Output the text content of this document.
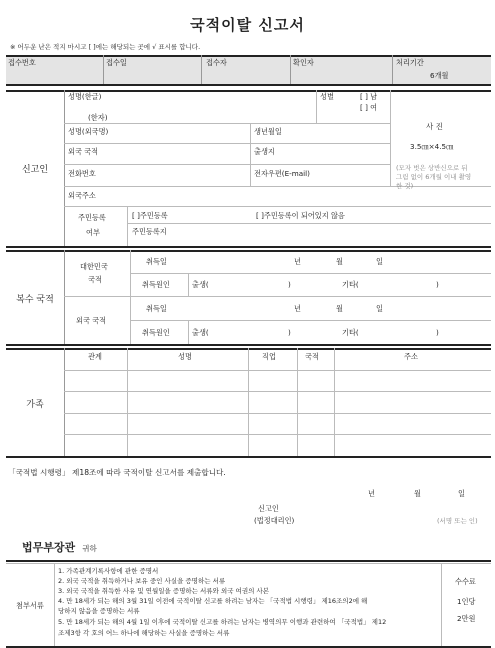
국적이탈 신고서
※ 어두운 난은 적지 마시고 [ ]에는 해당되는 곳에 √ 표시를 합니다.
접수번호	접수일	접수자	확인자	처리기간
6개월
신고인
성명(한글)
(한자)
성별	[ ] 남
[ ] 여
성명(외국명)	생년월일
외국 국적	출생지
전화번호	전자우편(E-mail)
외국주소
주민등록
여부
[ ]주민등록	[ ]주민등록이 되어있지 않음
주민등록지
사 진
3.5㎝×4.5㎝
(모자 벗은 상반신으로 뒤
그림 없이 6개월 이내 촬영
한 것)
복수 국적
대한민국
국적
취득일	년	월	일
취득원인	출생(	)	기타(	)
외국 국적
취득일	년	월	일
취득원인	출생(	)	기타(	)
가족
관계	성명	직업	국적	주소
「국적법 시행령」 제18조에 따라 국적이탈 신고서를 제출합니다.
년	월	일
신고인
(법정대리인)	(서명 또는 인)
법무부장관 귀하
첨부서류
1. 가족관계기록사항에 관한 증명서
2. 외국 국적을 취득하거나 보유 중인 사실을 증명하는 서류
3. 외국 국적을 취득한 사유 및 연월일을 증명하는 서류와 외국 여권의 사본
4. 만 18세가 되는 해의 3월 31일 이전에 국적이탈 신고를 하려는 남자는 「국적법 시행령」 제16조의2에 해
당하지 않음을 증명하는 서류
5. 만 18세가 되는 해의 4월 1일 이후에 국적이탈 신고를 하려는 남자는 병역의무 이행과 관련하여 「국적법」 제12
조제3항 각 호의 어느 하나에 해당하는 사실을 증명하는 서류
수수료
1인당
2만원
